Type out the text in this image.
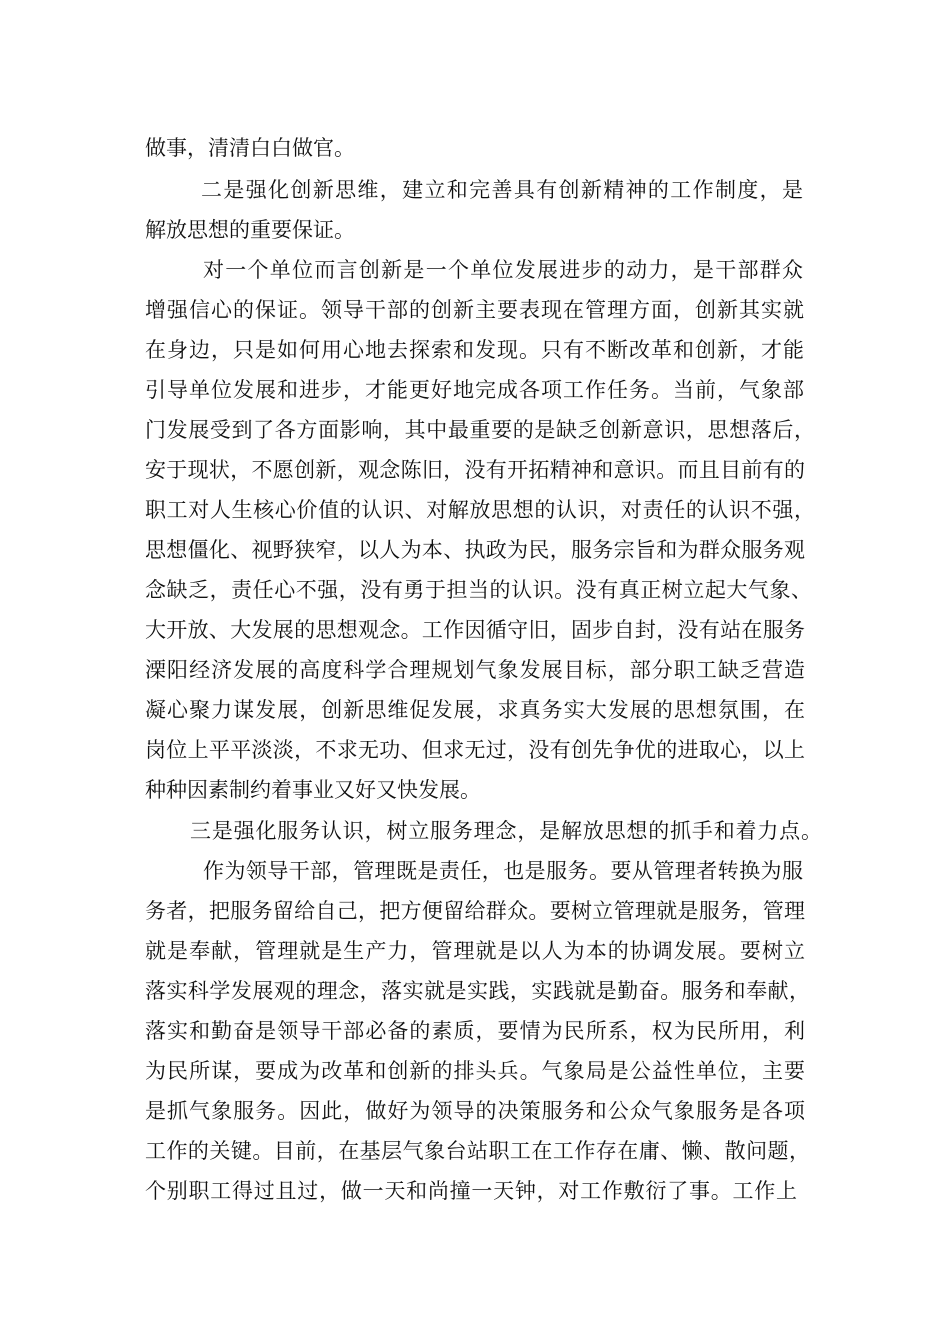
做事，清清白白做官。
二是强化创新思维，建立和完善具有创新精神的工作制度，是
解放思想的重要保证。
对一个单位而言创新是一个单位发展进步的动力，是干部群众
增强信心的保证。领导干部的创新主要表现在管理方面，创新其实就
在身边，只是如何用心地去探索和发现。只有不断改革和创新，才能
引导单位发展和进步，才能更好地完成各项工作任务。当前，气象部
门发展受到了各方面影响，其中最重要的是缺乏创新意识，思想落后，
安于现状，不愿创新，观念陈旧，没有开拓精神和意识。而且目前有的
职工对人生核心价值的认识、对解放思想的认识，对责任的认识不强，
思想僵化、视野狭窄，以人为本、执政为民，服务宗旨和为群众服务观
念缺乏，责任心不强，没有勇于担当的认识。没有真正树立起大气象、
大开放、大发展的思想观念。工作因循守旧，固步自封，没有站在服务
溧阳经济发展的高度科学合理规划气象发展目标，部分职工缺乏营造
凝心聚力谋发展，创新思维促发展，求真务实大发展的思想氛围，在
岗位上平平淡淡，不求无功、但求无过，没有创先争优的进取心，以上
种种因素制约着事业又好又快发展。
三是强化服务认识，树立服务理念，是解放思想的抓手和着力点。
作为领导干部，管理既是责任，也是服务。要从管理者转换为服
务者，把服务留给自己，把方便留给群众。要树立管理就是服务，管理
就是奉献，管理就是生产力，管理就是以人为本的协调发展。要树立
落实科学发展观的理念，落实就是实践，实践就是勤奋。服务和奉献，
落实和勤奋是领导干部必备的素质，要情为民所系，权为民所用，利
为民所谋，要成为改革和创新的排头兵。气象局是公益性单位，主要
是抓气象服务。因此，做好为领导的决策服务和公众气象服务是各项
工作的关键。目前，在基层气象台站职工在工作存在庸、懒、散问题，
个别职工得过且过，做一天和尚撞一天钟，对工作敷衍了事。工作上
